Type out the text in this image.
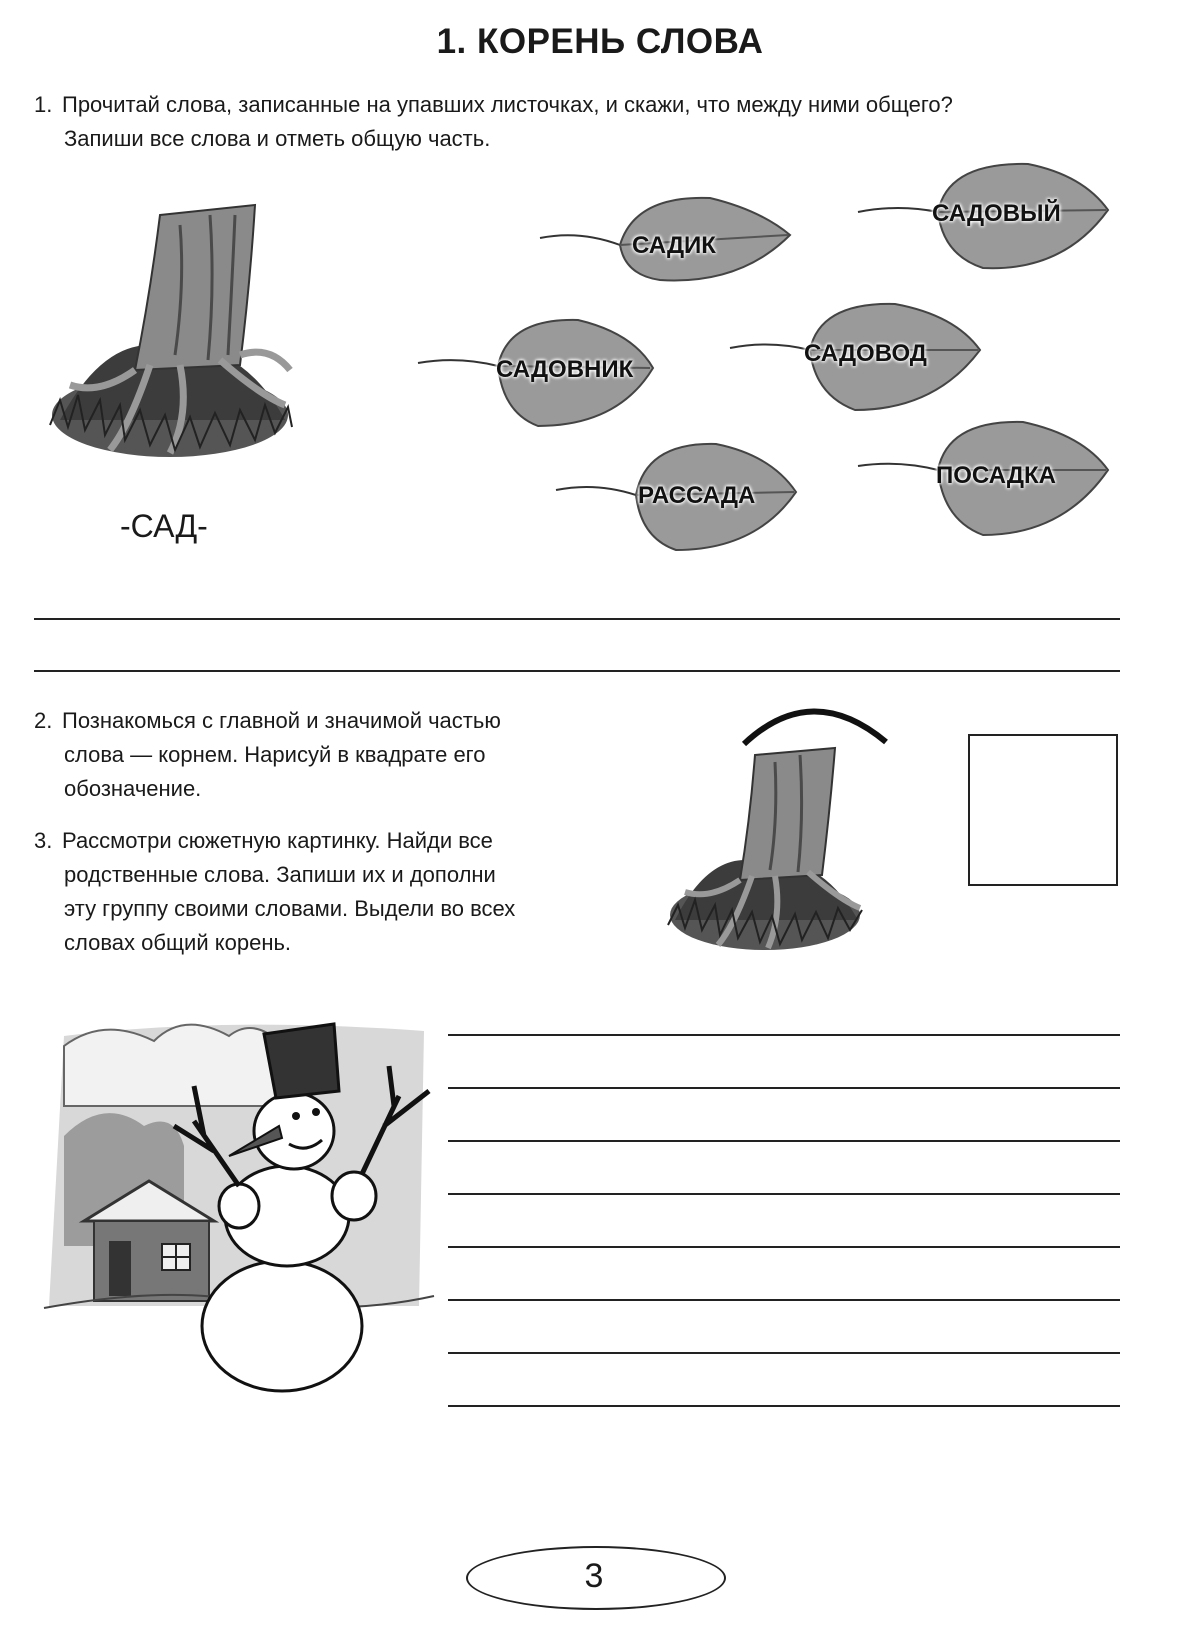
1. КОРЕНЬ СЛОВА
1. Прочитай слова, записанные на упавших листочках, и скажи, что между ними общего?
Запиши все слова и отметь общую часть.
-САД-
САДИК
САДОВЫЙ
САДОВНИК
САДОВОД
РАССАДА
ПОСАДКА
2. Познакомься с главной и значимой частью
слова — корнем. Нарисуй в квадрате его
обозначение.
3. Рассмотри сюжетную картинку. Найди все
родственные слова. Запиши их и дополни
эту группу своими словами. Выдели во всех
словах общий корень.
3
